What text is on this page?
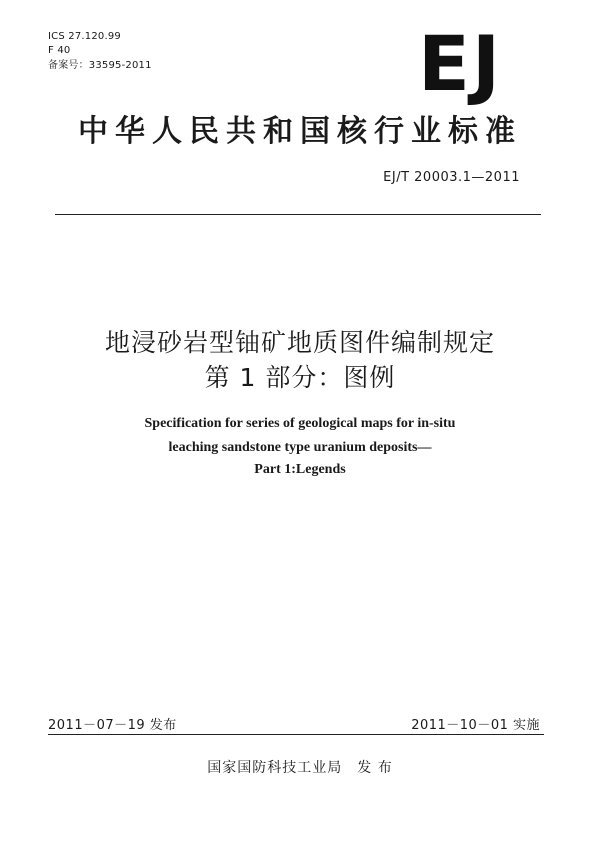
ICS 27.120.99
F 40
备案号：33595-2011	EJ
中华人民共和国核行业标准
EJ/T 20003.1—2011
地浸砂岩型铀矿地质图件编制规定
第 1 部分：图例
Specification for series of geological maps for in-situ
leaching sandstone type uranium deposits—
Part 1:Legends
2011－07－19 发布	2011－10－01 实施
国家国防科技工业局　发 布
